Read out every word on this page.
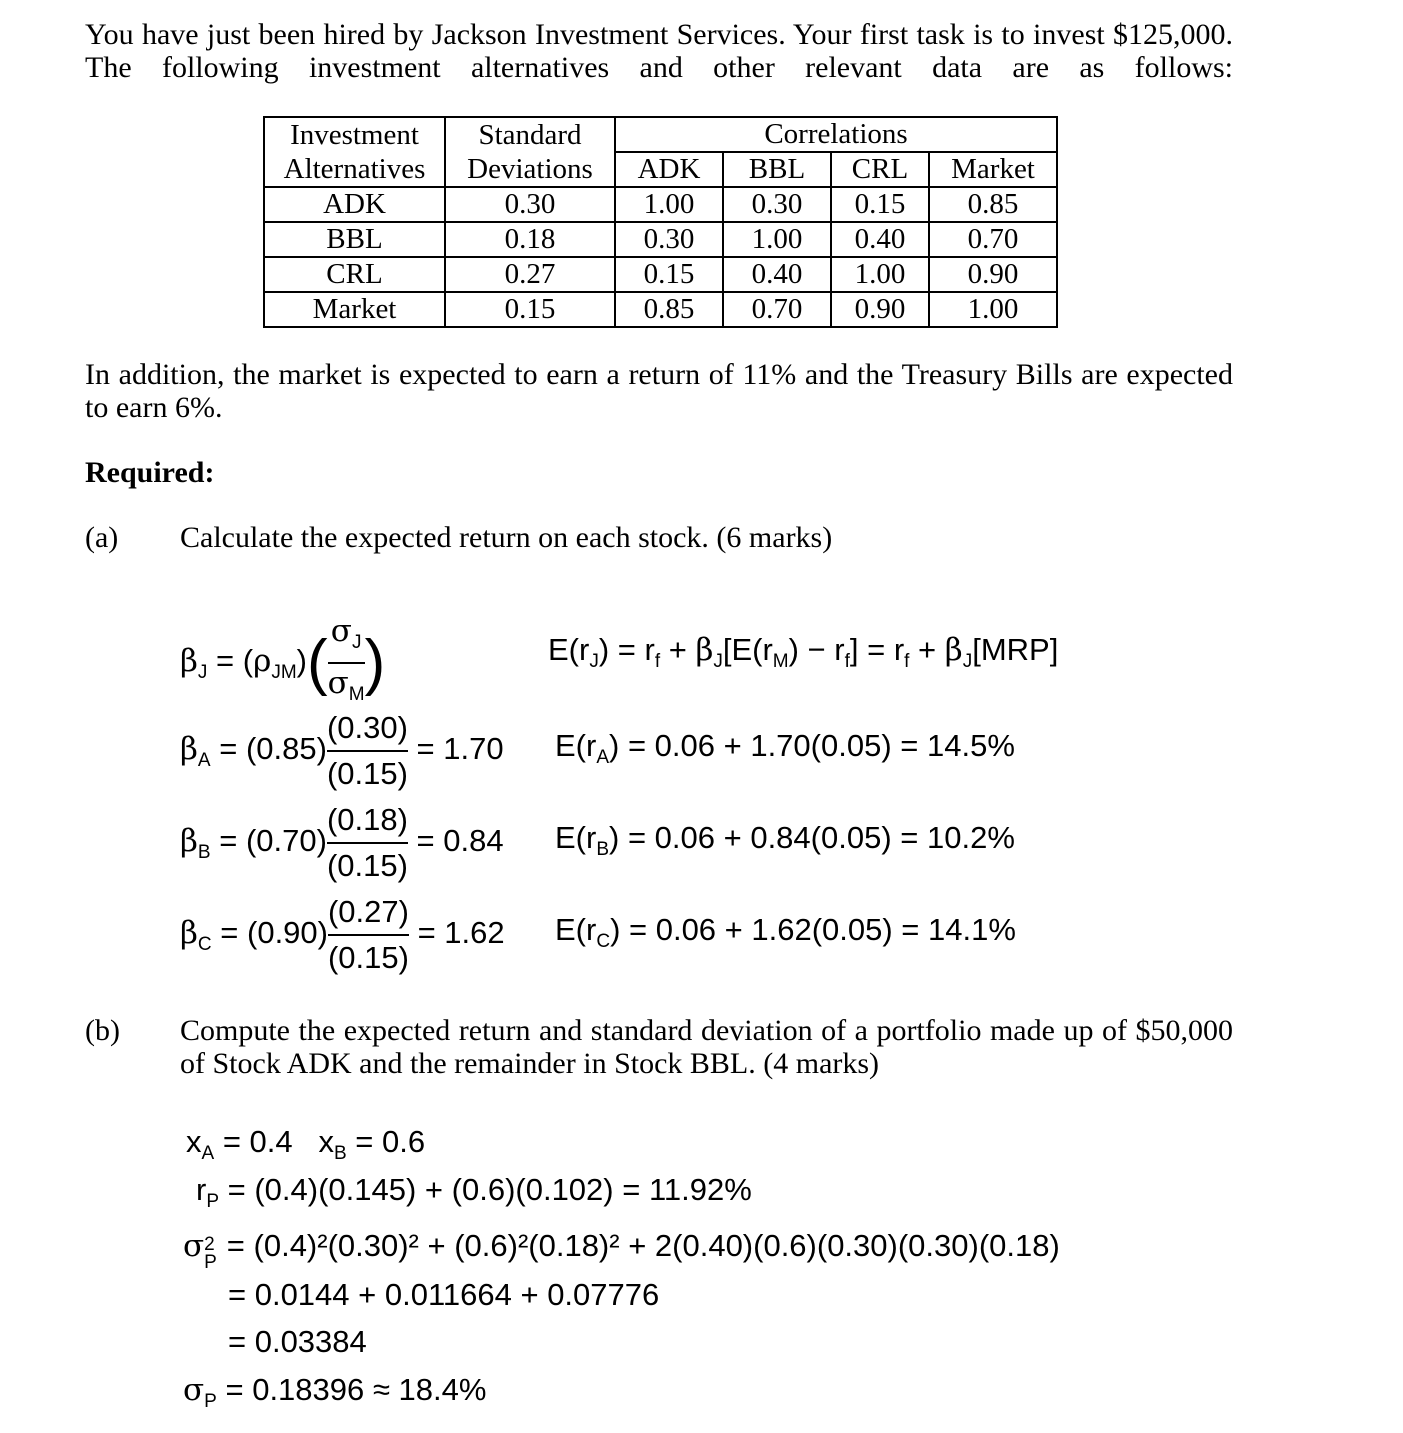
You have just been hired by Jackson Investment Services. Your first task is to invest $125,000. The following investment alternatives and other relevant data are as follows:
Investment	Standard	Correlations			
Alternatives	Deviations	ADK	BBL	CRL	Market
ADK	0.30	1.00	0.30	0.15	0.85
BBL	0.18	0.30	1.00	0.40	0.70
CRL	0.27	0.15	0.40	1.00	0.90
Market	0.15	0.85	0.70	0.90	1.00
In addition, the market is expected to earn a return of 11% and the Treasury Bills are expected to earn 6%.
Required:
(a) Calculate the expected return on each stock. (6 marks)
$\beta_J = (\rho_{JM})( \frac{\sigma_J}{\sigma_M}$ )	$E(r_J) = r_f + \beta_J[E(r_M) - r_f] = r_f + \beta_J[MRP]$
$\beta_A = (0.85) \frac{(0.30)}{(0.15)} = 1.70$ $E(r_A) = 0.06 + 1.70(0.05) = 14.5\%$
$\beta_B = (0.70) \frac{(0.18)}{(0.15)} = 0.84$ $E(r_B) = 0.06 + 0.84(0.05) = 10.2\%$
$\beta_C = (0.90) \frac{(0.27)}{(0.15)} = 1.62$ $E(r_C) = 0.06 + 1.62(0.05) = 14.1\%$
(b) Compute the expected return and standard deviation of a portfolio made up of $50,000 of Stock ADK and the remainder in Stock BBL. (4 marks)
$x_A = 0.4$   $x_B = 0.6$
$r_P = (0.4)(0.145) + (0.6)(0.102) = 11.92\%$
σ 2
P = (0.4)²(0.30)² + (0.6)²(0.18)² + 2(0.40)(0.6)(0.30)(0.30)(0.18)
= 0.0144 + 0.011664 + 0.07776
= 0.03384
$\sigma_P = 0.18396 \approx 18.4\%$
